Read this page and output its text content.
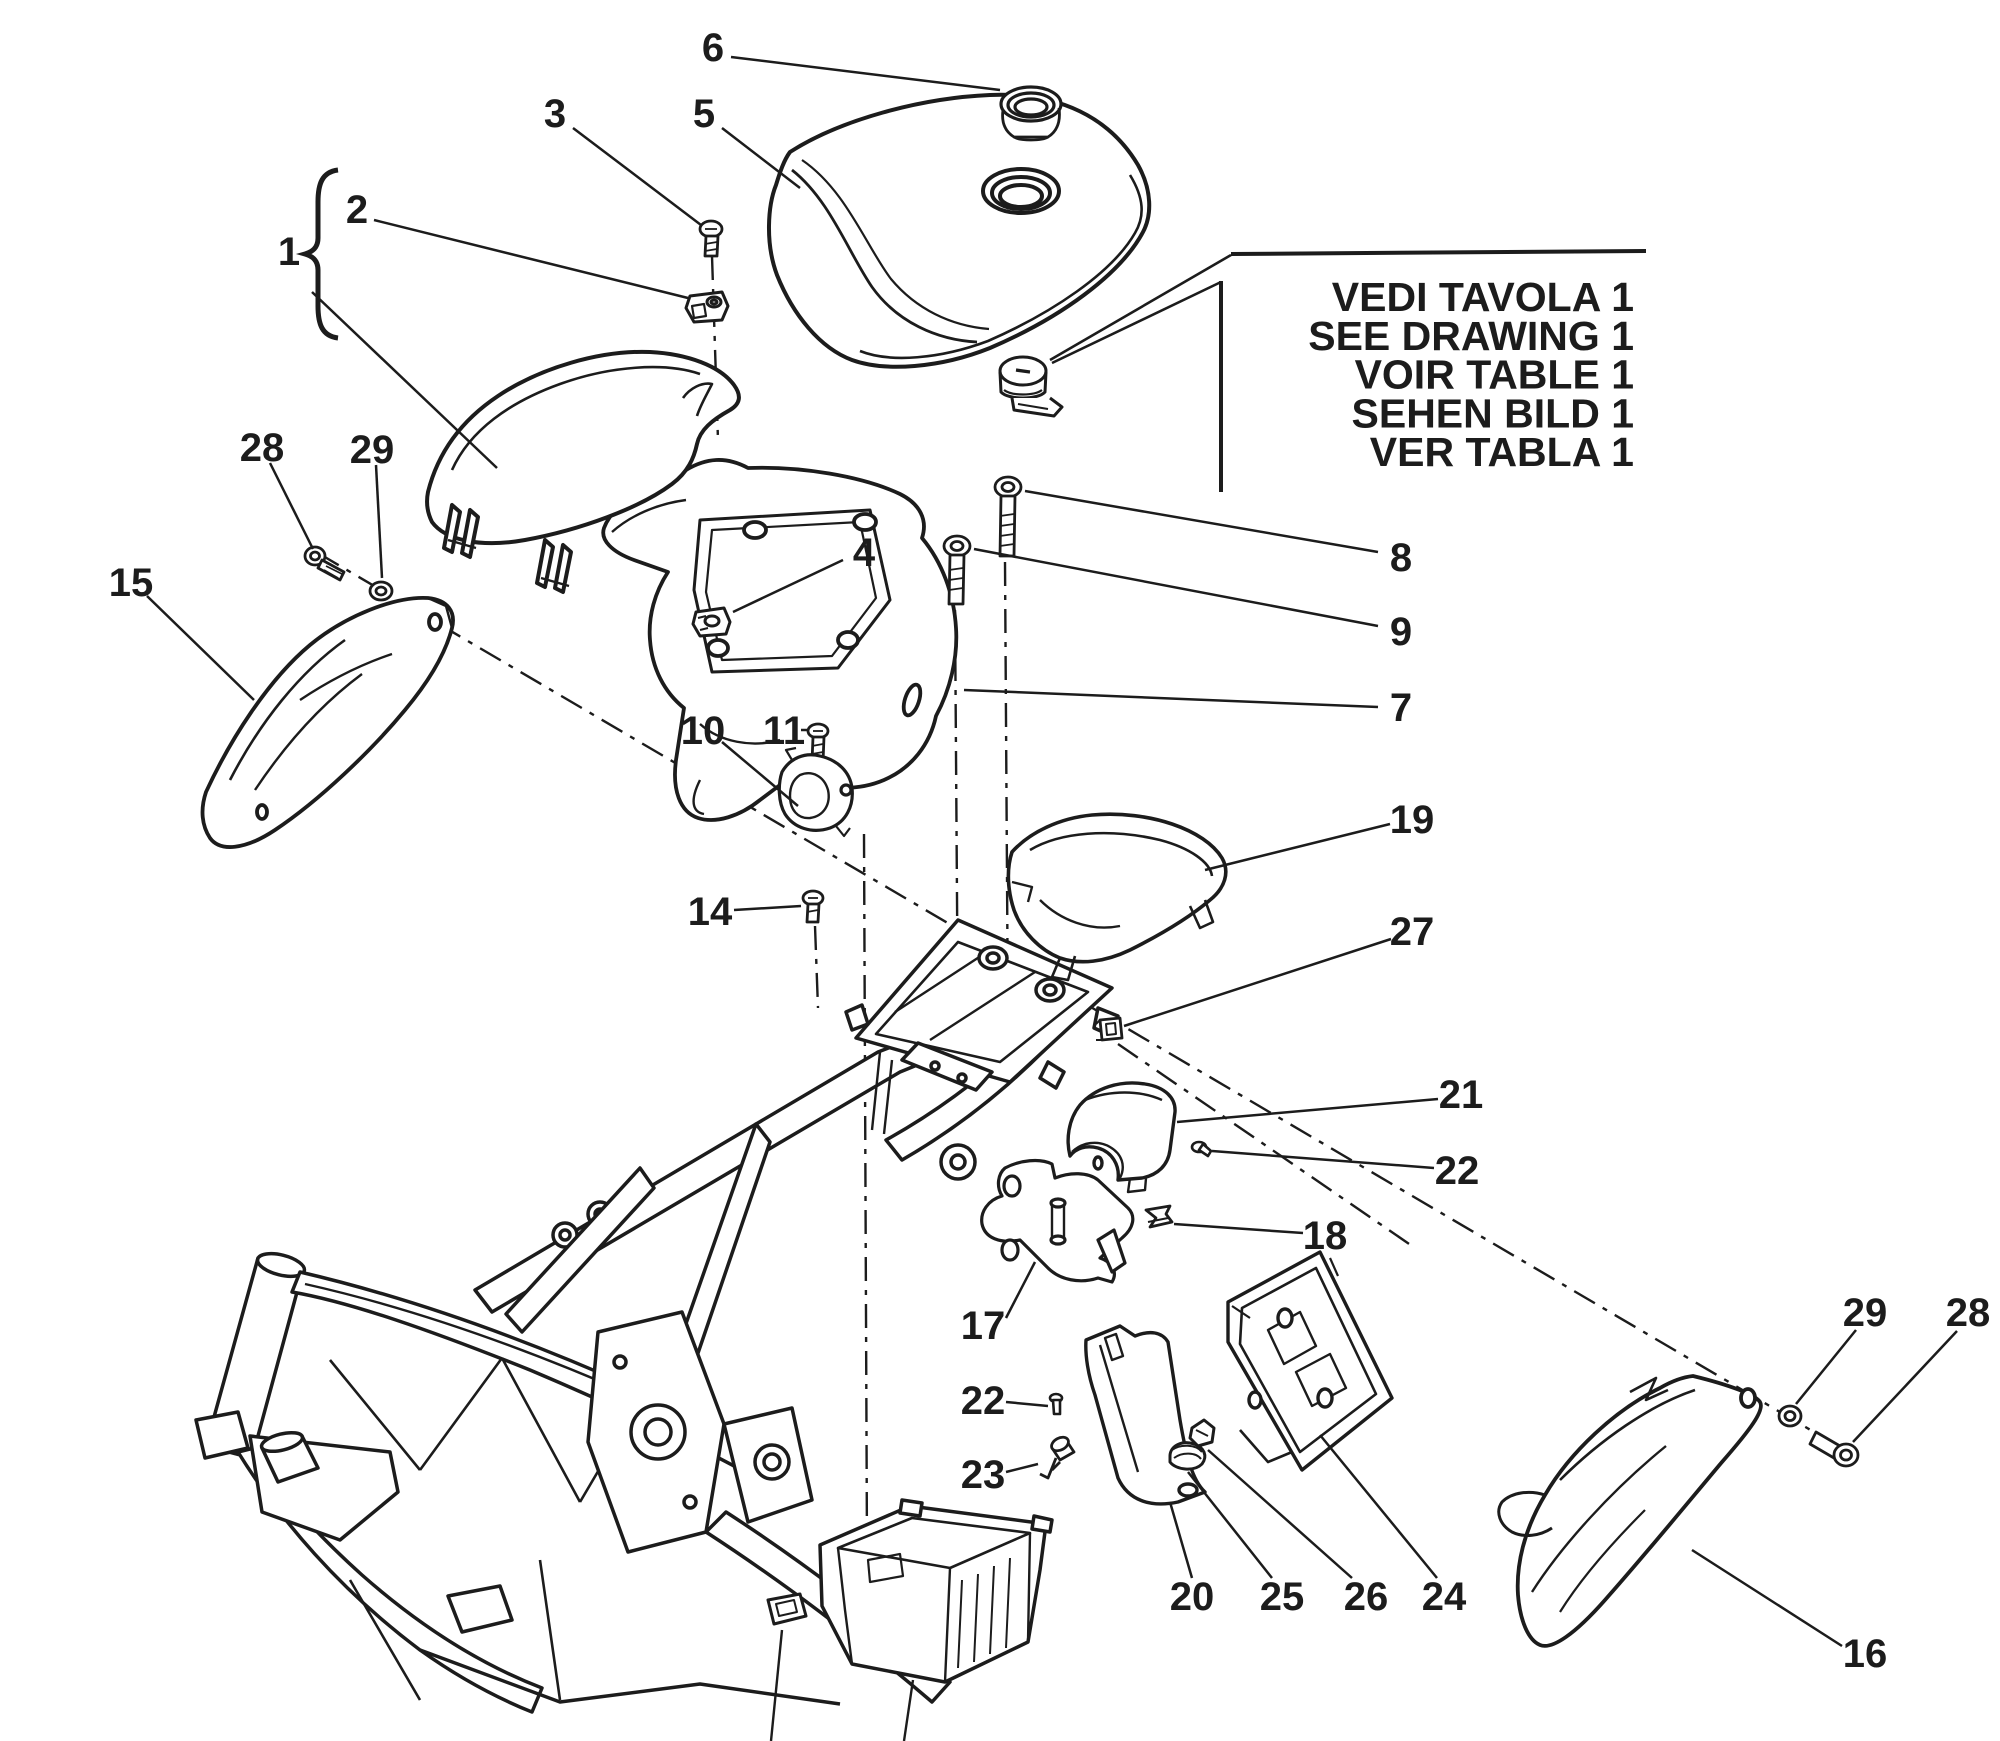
VEDI TAVOLA 1
SEE DRAWING 1
VOIR TABLE 1
SEHEN BILD 1
VER TABLA 1
1
2
3	5
6
4	8
9
7
10 11
14
15
28 29
19
27
21
22
18
17
22
23
20 25 26 24
29 28
16
